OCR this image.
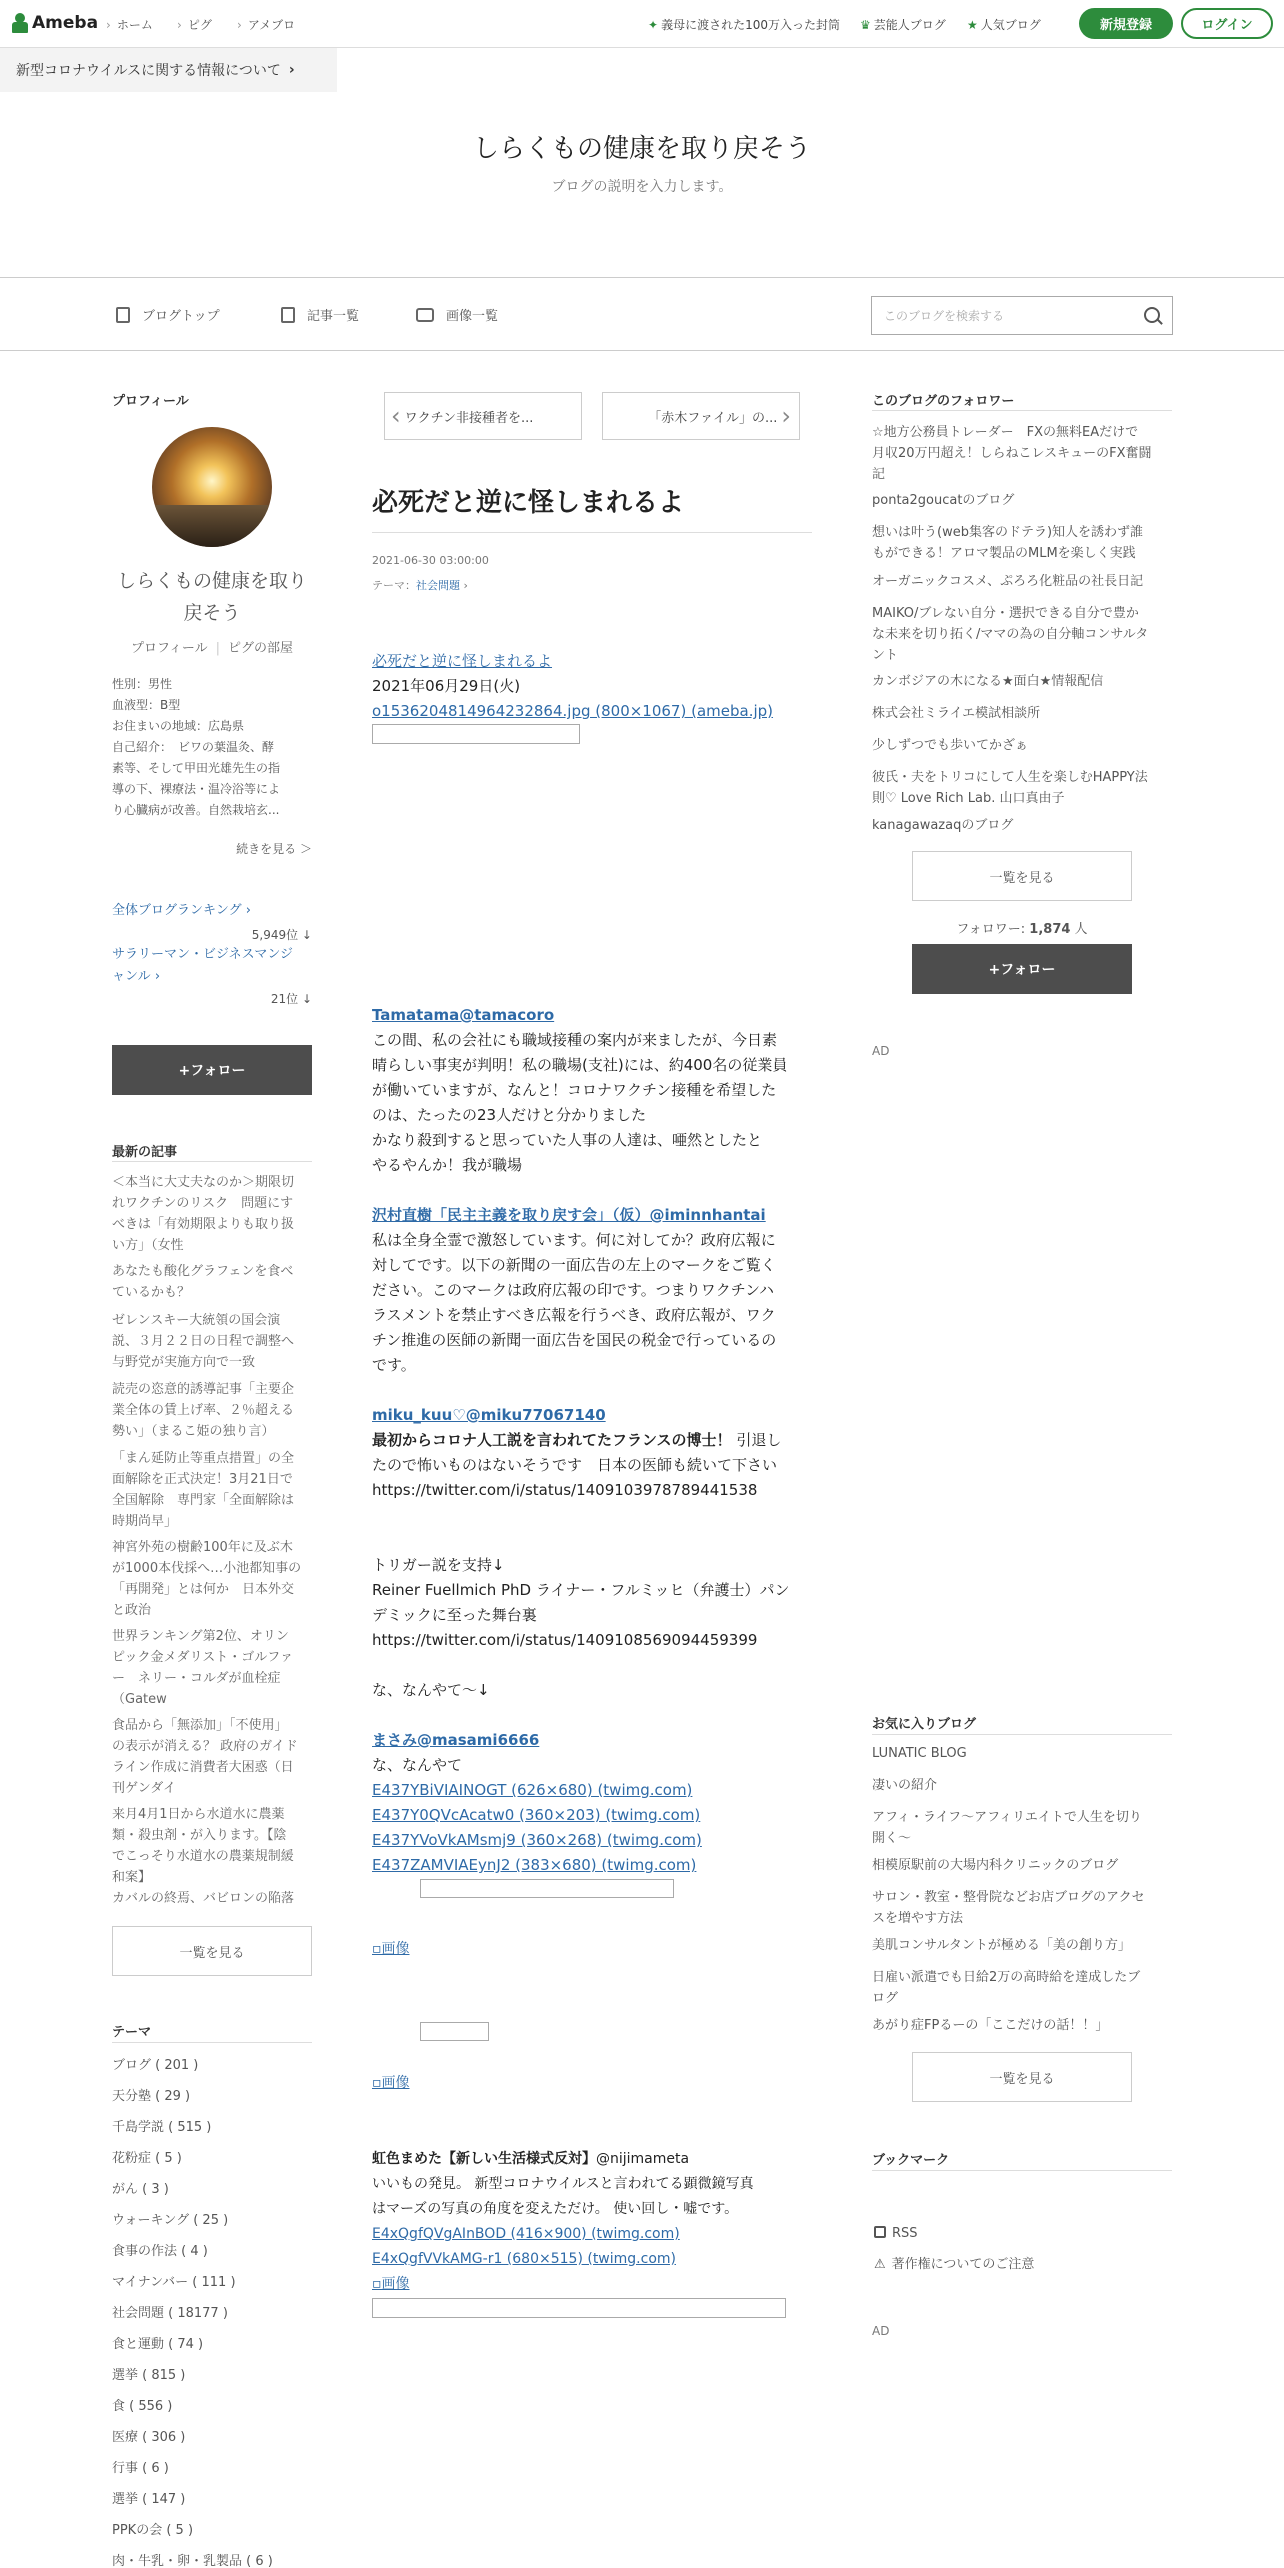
Ameba	› ホーム	› ピグ	› アメブロ	✦ 義母に渡された100万入った封筒 ♛ 芸能人ブログ ★ 人気ブログ	新規登録	ログイン
新型コロナウイルスに関する情報について ›
しらくもの健康を取り戻そう
ブログの説明を入力します。
ブログトップ	記事一覧	画像一覧
このブログを検索する
プロフィール
しらくもの健康を取り戻そう
プロフィール | ピグの部屋
性別：男性
血液型：B型
お住まいの地域：広島県
自己紹介：　ビワの葉温灸、酵
素等、そして甲田光雄先生の指
導の下、裸療法・温冷浴等によ
り心臓病が改善。自然栽培玄...
続きを見る ＞
全体ブログランキング ›
5,949位 ↓
サラリーマン・ビジネスマンジ
ャンル ›
21位 ↓
+フォロー
最新の記事
＜本当に大丈夫なのか＞期限切
れワクチンのリスク　問題にす
べきは「有効期限よりも取り扱
い方」（女性
あなたも酸化グラフェンを食べ
ているかも？
ゼレンスキー大統領の国会演
説、３月２２日の日程で調整へ
与野党が実施方向で一致
読売の恣意的誘導記事「主要企
業全体の賃上げ率、２％超える
勢い」（まるこ姫の独り言）
「まん延防止等重点措置」の全
面解除を正式決定！3月21日で
全国解除　専門家「全面解除は
時期尚早」
神宮外苑の樹齢100年に及ぶ木
が1000本伐採へ…小池都知事の
「再開発」とは何か　日本外交
と政治
世界ランキング第2位、オリン
ピック金メダリスト・ゴルファ
ー　ネリー・コルダが血栓症
（Gatew
食品から「無添加」「不使用」
の表示が消える？ 政府のガイド
ライン作成に消費者大困惑（日
刊ゲンダイ
来月4月1日から水道水に農薬
類・殺虫剤・が入ります。【陰
でこっそり水道水の農薬規制緩
和案】
カバルの終焉、バビロンの陥落
一覧を見る
テーマ
ブログ ( 201 )
天分塾 ( 29 )
千島学説 ( 515 )
花粉症 ( 5 )
がん ( 3 )
ウォーキング ( 25 )
食事の作法 ( 4 )
マイナンバー ( 111 )
社会問題 ( 18177 )
食と運動 ( 74 )
選挙 ( 815 )
食 ( 556 )
医療 ( 306 )
行事 ( 6 )
選挙 ( 147 )
PPKの会 ( 5 )
肉・牛乳・卵・乳製品 ( 6 )
‹ ワクチン非接種者を...	「赤木ファイル」の... ›
必死だと逆に怪しまれるよ
2021-06-30 03:00:00
テーマ：社会問題 ›
必死だと逆に怪しまれるよ
2021年06月29日(火)
o1536204814964232864.jpg (800×1067) (ameba.jp)
Tamatama@tamacoro
この間、私の会社にも職域接種の案内が来ましたが、今日素
晴らしい事実が判明！私の職場(支社)には、約400名の従業員
が働いていますが、なんと！コロナワクチン接種を希望した
のは、たったの23人だけと分かりました
かなり殺到すると思っていた人事の人達は、唖然としたと
やるやんか！我が職場
沢村直樹「民主主義を取り戻す会」（仮）@iminnhantai
私は全身全霊で激怒しています。何に対してか？政府広報に
対してです。以下の新聞の一面広告の左上のマークをご覧く
ださい。このマークは政府広報の印です。つまりワクチンハ
ラスメントを禁止すべき広報を行うべき、政府広報が、ワク
チン推進の医師の新聞一面広告を国民の税金で行っているの
です。
miku_kuu♡@miku77067140
最初からコロナ人工説を言われてたフランスの博士！ 引退し
たので怖いものはないそうです　日本の医師も続いて下さい
https://twitter.com/i/status/1409103978789441538
トリガー説を支持↓
Reiner Fuellmich PhD ライナー・フルミッヒ（弁護士）パン
デミックに至った舞台裏
https://twitter.com/i/status/1409108569094459399
な、なんやて～↓
まさみ@masami6666
な、なんやて
E437YBiVIAINOGT (626×680) (twimg.com)
E437Y0QVcAcatw0 (360×203) (twimg.com)
E437YVoVkAMsmj9 (360×268) (twimg.com)
E437ZAMVIAEynJ2 (383×680) (twimg.com)
▫画像
▫画像
虹色まめた【新しい生活様式反対】@nijimameta
いいもの発見。 新型コロナウイルスと言われてる顕微鏡写真
はマーズの写真の角度を変えただけ。 使い回し・嘘です。
E4xQgfQVgAInBOD (416×900) (twimg.com)
E4xQgfVVkAMG-r1 (680×515) (twimg.com)
▫画像
このブログのフォロワー
☆地方公務員トレーダー　FXの無料EAだけで
月収20万円超え！しらねこレスキューのFX奮闘
記
ponta2goucatのブログ
想いは叶う(web集客のドテラ)知人を誘わず誰
もができる！アロマ製品のMLMを楽しく実践
オーガニックコスメ、ぷろろ化粧品の社長日記
MAIKO/ブレない自分・選択できる自分で豊か
な未来を切り拓く/ママの為の自分軸コンサルタ
ント
カンボジアの木になる★面白★情報配信
株式会社ミライエ模試相談所
少しずつでも歩いてかざぁ
彼氏・夫をトリコにして人生を楽しむHAPPY法
則♡ Love Rich Lab. 山口真由子
kanagawazaqのブログ
一覧を見る
フォロワー: 1,874 人
+フォロー
AD
お気に入りブログ
LUNATIC BLOG
凄いの紹介
アフィ・ライフ〜アフィリエイトで人生を切り
開く〜
相模原駅前の大場内科クリニックのブログ
サロン・教室・整骨院などお店ブログのアクセ
スを増やす方法
美肌コンサルタントが極める「美の創り方」
日雇い派遣でも日給2万の高時給を達成したブ
ログ
あがり症FPるーの「ここだけの話！！」
一覧を見る
ブックマーク
RSS
⚠ 著作権についてのご注意
AD
